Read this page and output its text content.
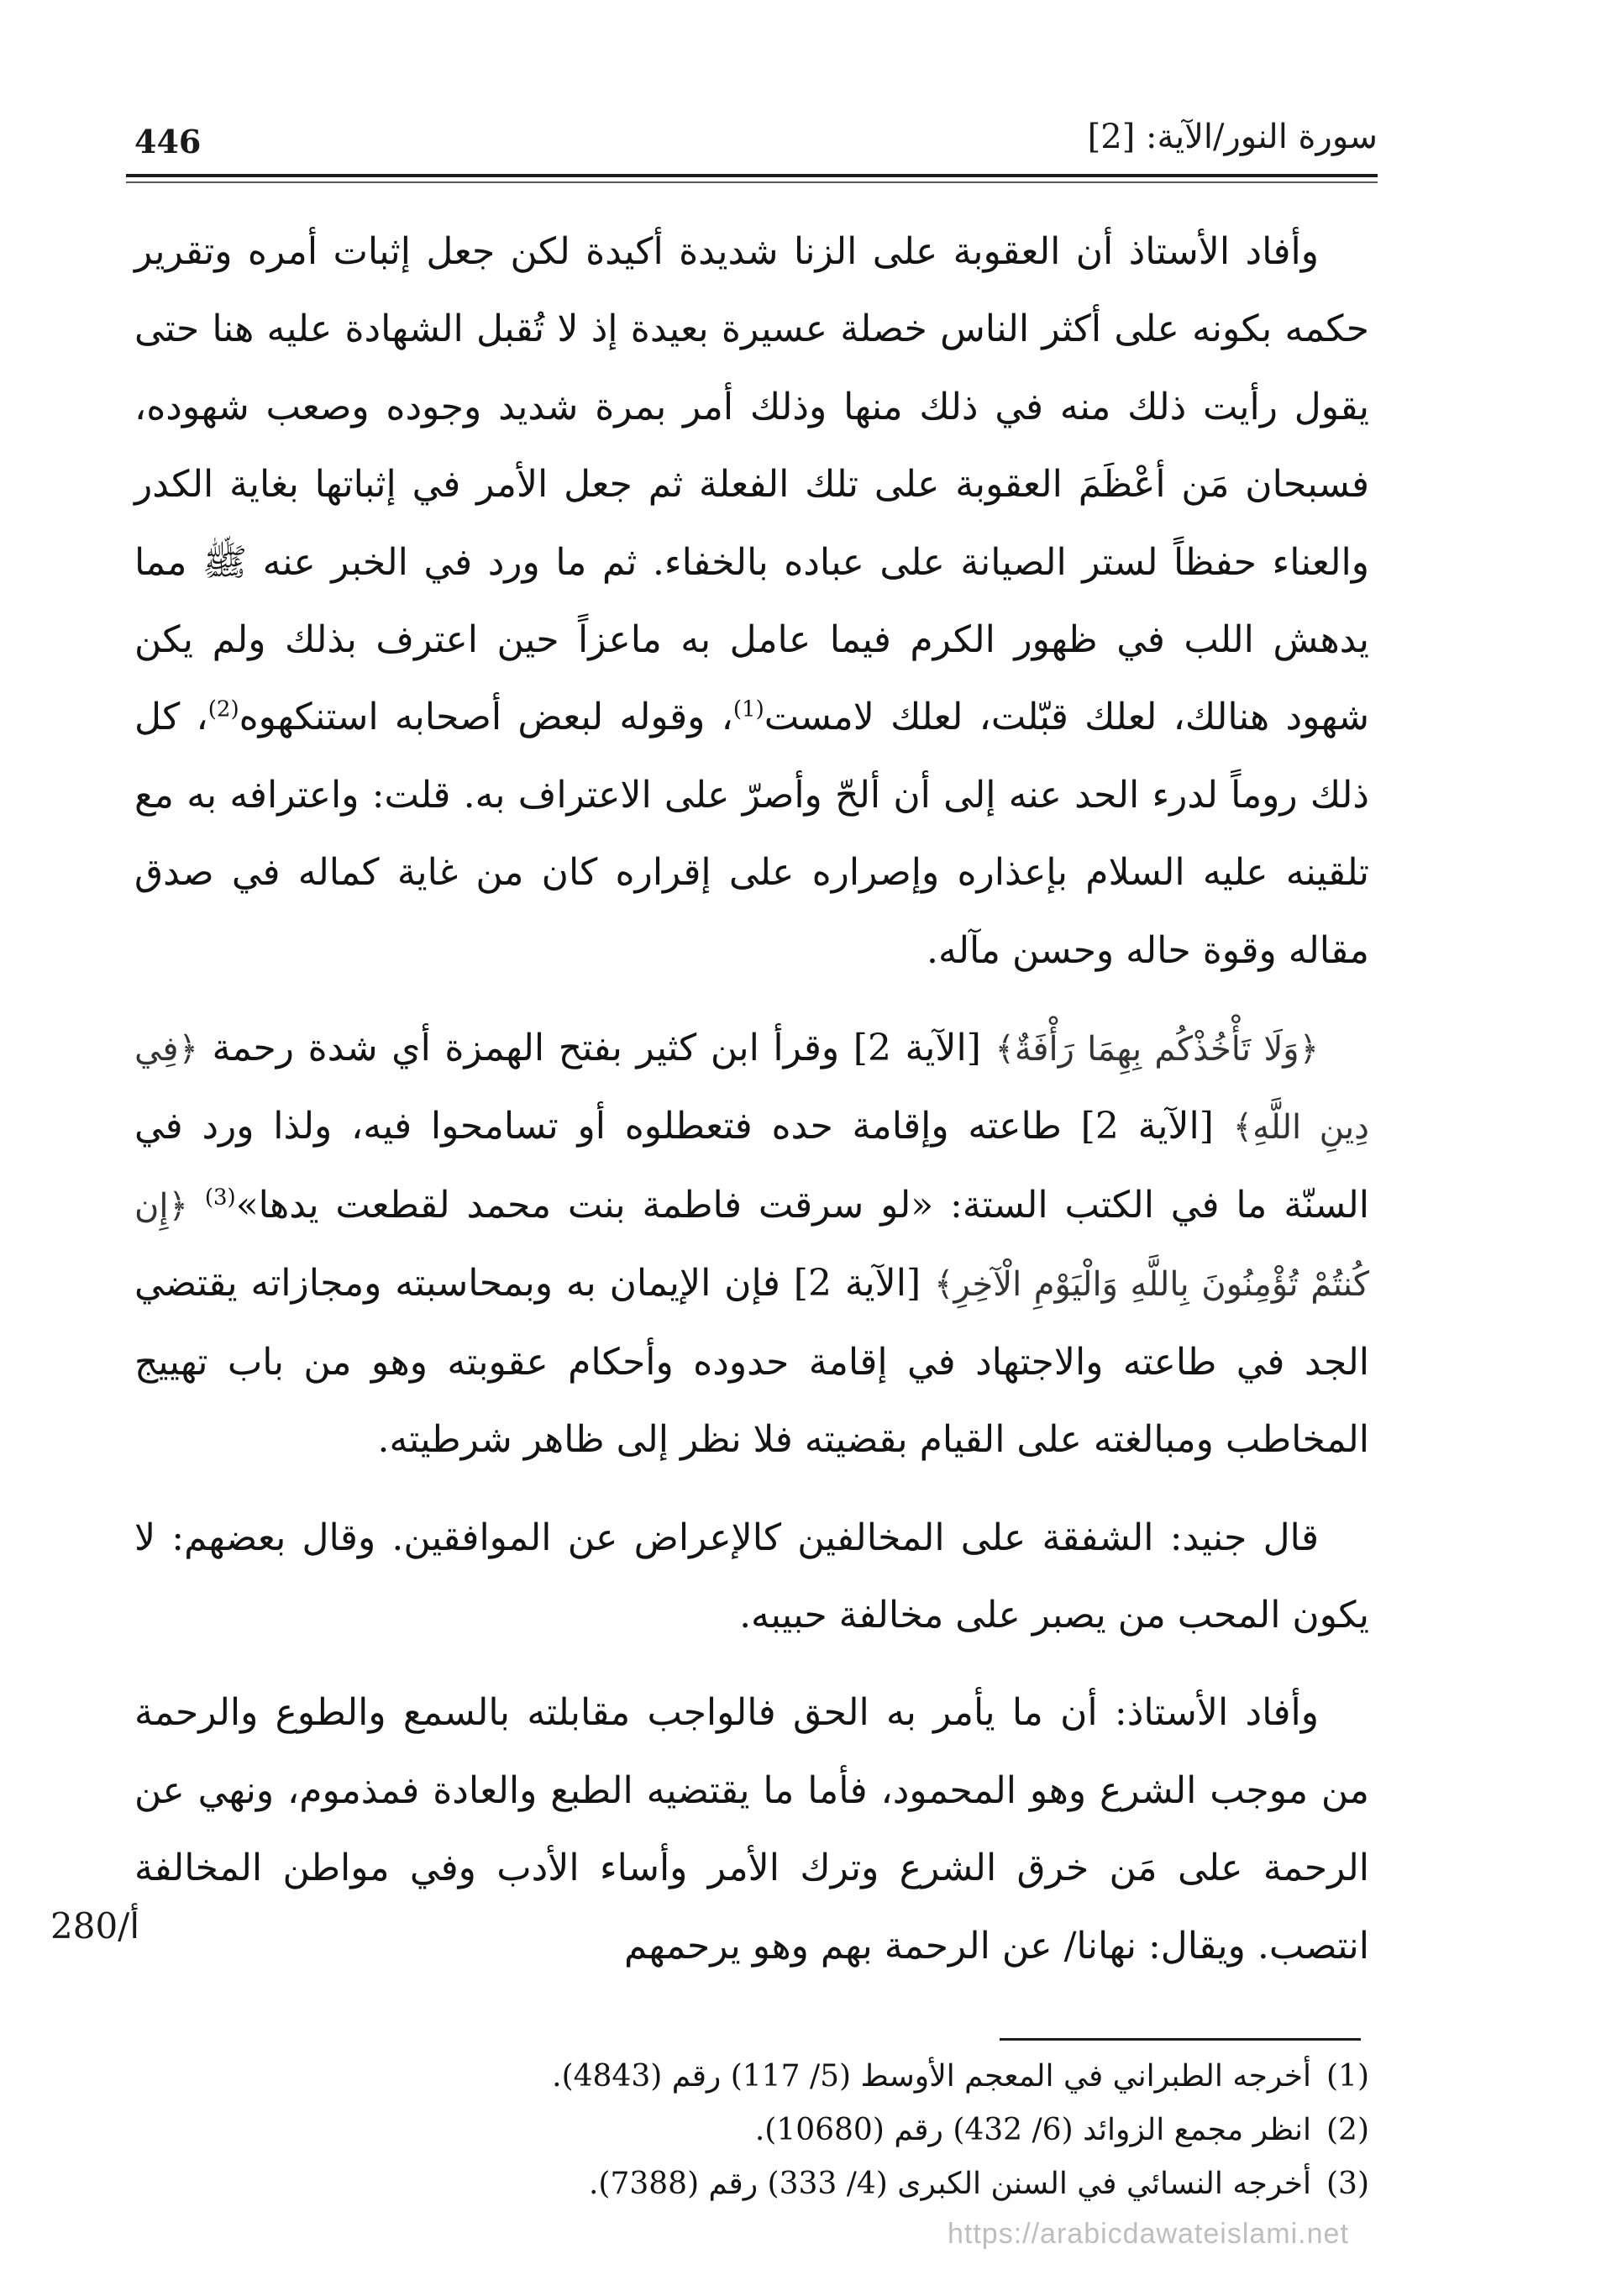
446	سورة النور/الآية: [2]

وأفاد الأستاذ أن العقوبة على الزنا شديدة أكيدة لكن جعل إثبات أمره وتقرير حكمه بكونه على أكثر الناس خصلة عسيرة بعيدة إذ لا تُقبل الشهادة عليه هنا حتى يقول رأيت ذلك منه في ذلك منها وذلك أمر بمرة شديد وجوده وصعب شهوده، فسبحان مَن أعْظَمَ العقوبة على تلك الفعلة ثم جعل الأمر في إثباتها بغاية الكدر والعناء حفظاً لستر الصيانة على عباده بالخفاء. ثم ما ورد في الخبر عنه ﷺ مما يدهش اللب في ظهور الكرم فيما عامل به ماعزاً حين اعترف بذلك ولم يكن شهود هنالك، لعلك قبّلت، لعلك لامست$^{(1)}$، وقوله لبعض أصحابه استنكهوه$^{(2)}$، كل ذلك روماً لدرء الحد عنه إلى أن ألحّ وأصرّ على الاعتراف به. قلت: واعترافه به مع تلقينه عليه السلام بإعذاره وإصراره على إقراره كان من غاية كماله في صدق مقاله وقوة حاله وحسن مآله.

﴿وَلَا تَأْخُذْكُم بِهِمَا رَأْفَةٌ﴾ [الآية 2] وقرأ ابن كثير بفتح الهمزة أي شدة رحمة ﴿فِي دِينِ اللَّهِ﴾ [الآية 2] طاعته وإقامة حده فتعطلوه أو تسامحوا فيه، ولذا ورد في السنّة ما في الكتب الستة: «لو سرقت فاطمة بنت محمد لقطعت يدها»$^{(3)}$ ﴿إِن كُنتُمْ تُؤْمِنُونَ بِاللَّهِ وَالْيَوْمِ الْآخِرِ﴾ [الآية 2] فإن الإيمان به وبمحاسبته ومجازاته يقتضي الجد في طاعته والاجتهاد في إقامة حدوده وأحكام عقوبته وهو من باب تهييج المخاطب ومبالغته على القيام بقضيته فلا نظر إلى ظاهر شرطيته.

قال جنيد: الشفقة على المخالفين كالإعراض عن الموافقين. وقال بعضهم: لا يكون المحب من يصبر على مخالفة حبيبه.

وأفاد الأستاذ: أن ما يأمر به الحق فالواجب مقابلته بالسمع والطوع والرحمة من موجب الشرع وهو المحمود، فأما ما يقتضيه الطبع والعادة فمذموم، ونهي عن الرحمة على مَن خرق الشرع وترك الأمر وأساء الأدب وفي مواطن المخالفة انتصب. ويقال: نهانا/ عن الرحمة بهم وهو يرحمهم

280/أ
(1)أخرجه الطبراني في المعجم الأوسط (5/ 117) رقم (4843).
(2)انظر مجمع الزوائد (6/ 432) رقم (10680).
(3)أخرجه النسائي في السنن الكبرى (4/ 333) رقم (7388).
https://arabicdawateislami.net
